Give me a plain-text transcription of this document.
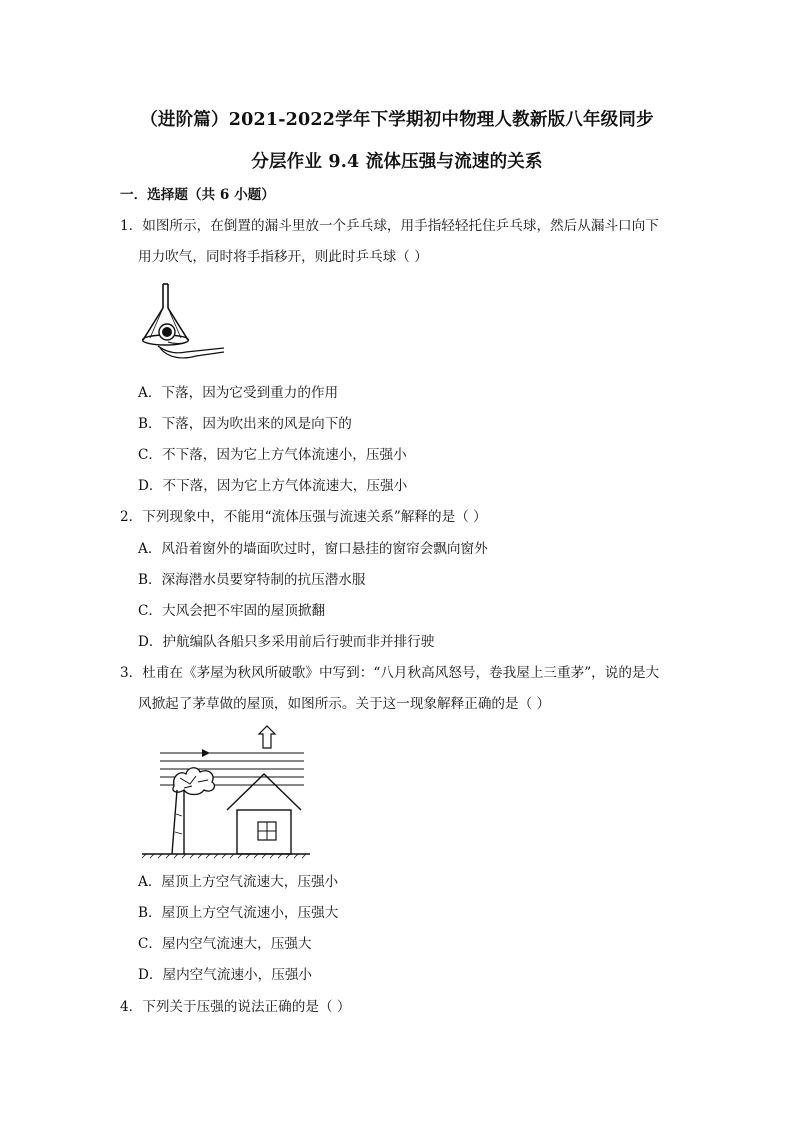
（进阶篇）2021-2022学年下学期初中物理人教新版八年级同步
分层作业 9.4 流体压强与流速的关系
一．选择题（共 6 小题）
1．如图所示，在倒置的漏斗里放一个乒乓球，用手指轻轻托住乒乓球，然后从漏斗口向下
用力吹气，同时将手指移开，则此时乒乓球（ ）
A．下落，因为它受到重力的作用
B．下落，因为吹出来的风是向下的
C．不下落，因为它上方气体流速小，压强小
D．不下落，因为它上方气体流速大，压强小
2．下列现象中，不能用“流体压强与流速关系”解释的是（ ）
A．风沿着窗外的墙面吹过时，窗口悬挂的窗帘会飘向窗外
B．深海潜水员要穿特制的抗压潜水服
C．大风会把不牢固的屋顶掀翻
D．护航编队各船只多采用前后行驶而非并排行驶
3．杜甫在《茅屋为秋风所破歌》中写到：“八月秋高风怒号，卷我屋上三重茅”，说的是大
风掀起了茅草做的屋顶，如图所示。关于这一现象解释正确的是（ ）
A．屋顶上方空气流速大，压强小
B．屋顶上方空气流速小，压强大
C．屋内空气流速大，压强大
D．屋内空气流速小，压强小
4．下列关于压强的说法正确的是（ ）
